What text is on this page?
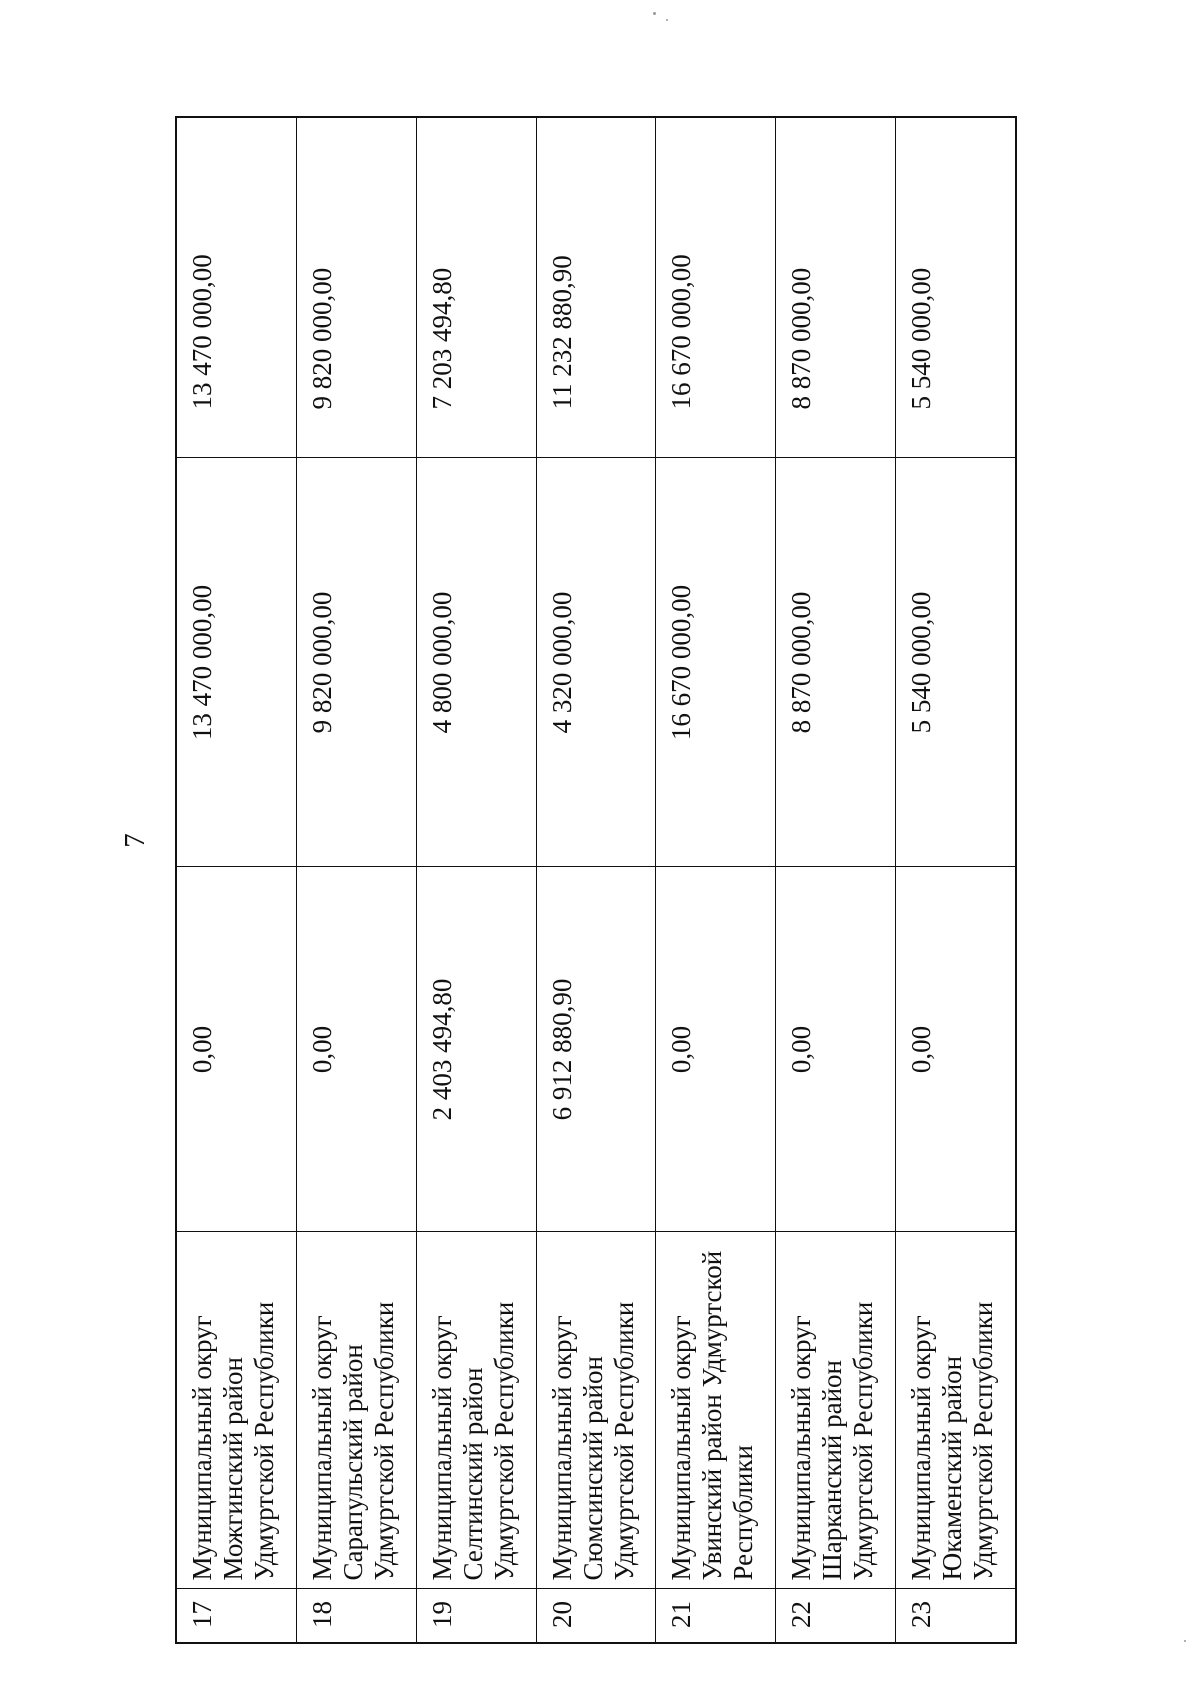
7
17	Муниципальный округ Можгинский район Удмуртской Республики	0,00	13 470 000,00	13 470 000,00
18	Муниципальный округ Сарапульский район Удмуртской Республики	0,00	9 820 000,00	9 820 000,00
19	Муниципальный округ Селтинский район Удмуртской Республики	2 403 494,80	4 800 000,00	7 203 494,80
20	Муниципальный округ Сюмсинский район Удмуртской Республики	6 912 880,90	4 320 000,00	11 232 880,90
21	Муниципальный округ Увинский район Удмуртской Республики	0,00	16 670 000,00	16 670 000,00
22	Муниципальный округ Шарканский район Удмуртской Республики	0,00	8 870 000,00	8 870 000,00
23	Муниципальный округ Юкаменский район Удмуртской Республики	0,00	5 540 000,00	5 540 000,00
